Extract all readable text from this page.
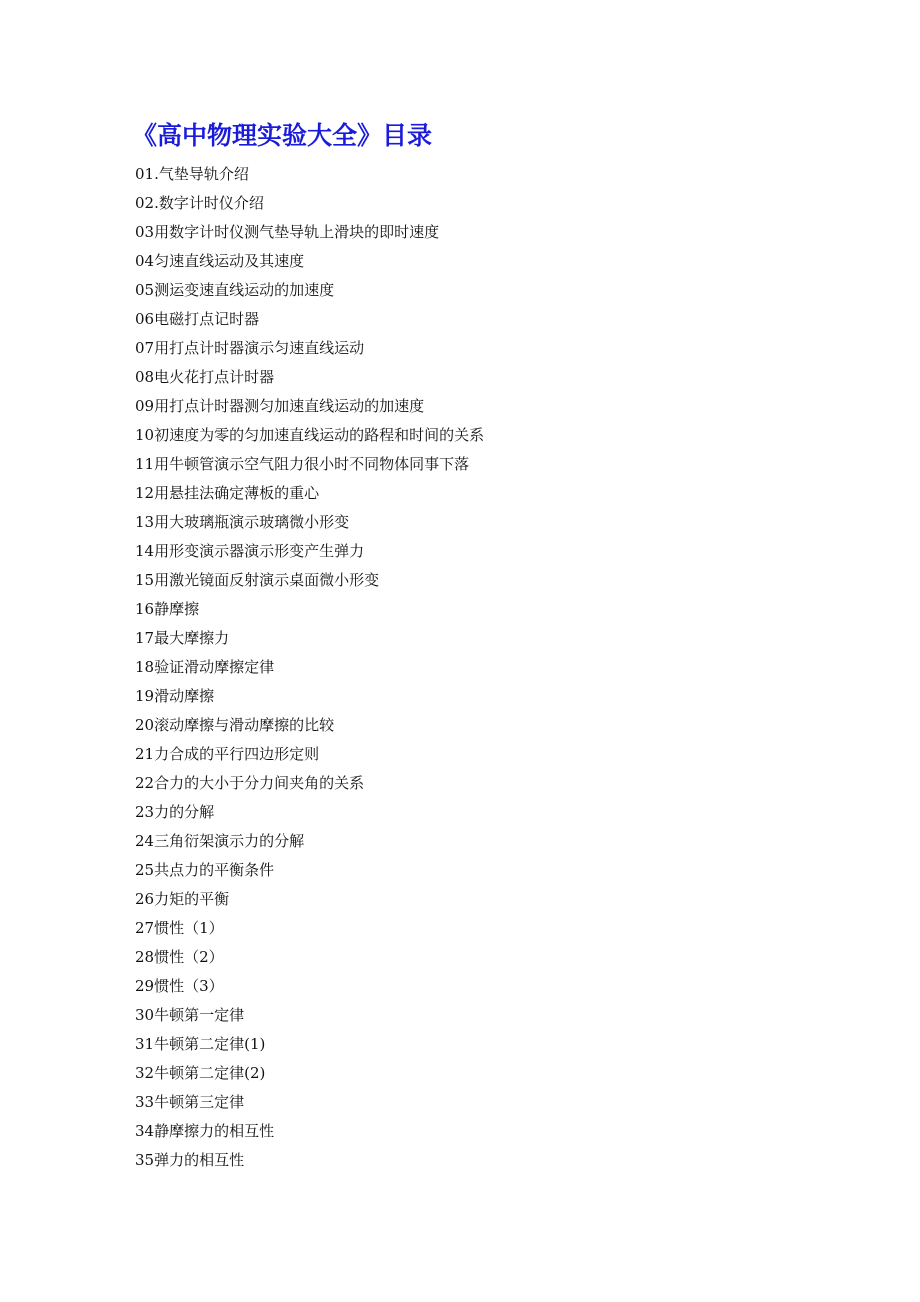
《高中物理实验大全》目录
01.气垫导轨介绍
02.数字计时仪介绍
03用数字计时仪测气垫导轨上滑块的即时速度
04匀速直线运动及其速度
05测运变速直线运动的加速度
06电磁打点记时器
07用打点计时器演示匀速直线运动
08电火花打点计时器
09用打点计时器测匀加速直线运动的加速度
10初速度为零的匀加速直线运动的路程和时间的关系
11用牛顿管演示空气阻力很小时不同物体同事下落
12用悬挂法确定薄板的重心
13用大玻璃瓶演示玻璃微小形变
14用形变演示器演示形变产生弹力
15用激光镜面反射演示桌面微小形变
16静摩擦
17最大摩擦力
18验证滑动摩擦定律
19滑动摩擦
20滚动摩擦与滑动摩擦的比较
21力合成的平行四边形定则
22合力的大小于分力间夹角的关系
23力的分解
24三角衍架演示力的分解
25共点力的平衡条件
26力矩的平衡
27惯性（1）
28惯性（2）
29惯性（3）
30牛顿第一定律
31牛顿第二定律(1)
32牛顿第二定律(2)
33牛顿第三定律
34静摩擦力的相互性
35弹力的相互性
